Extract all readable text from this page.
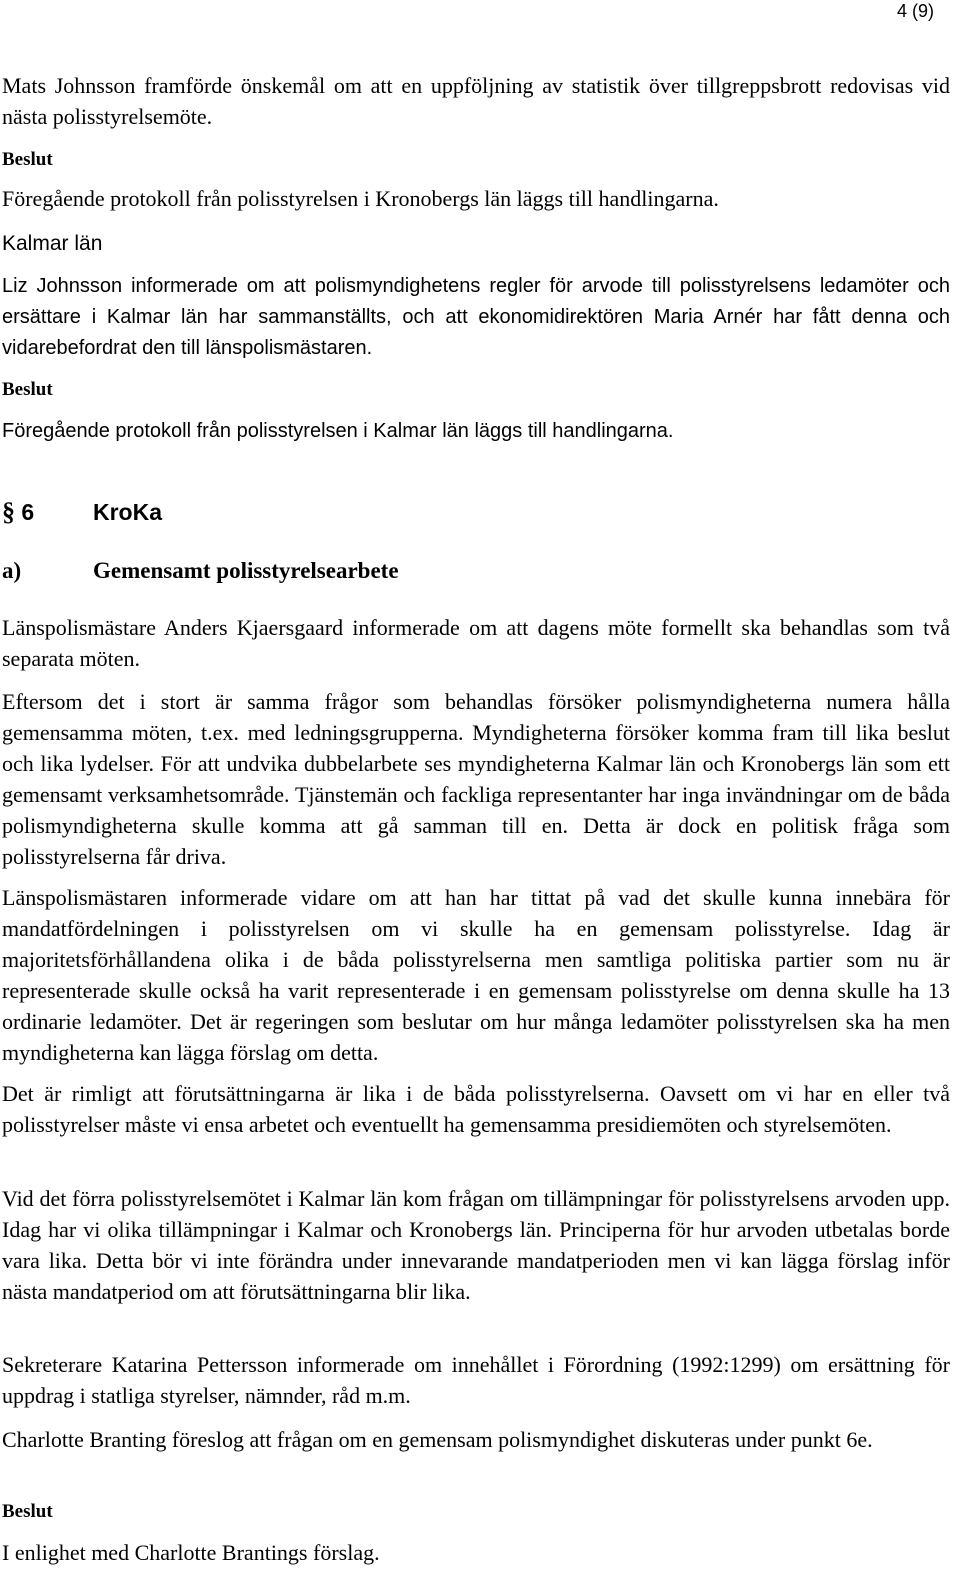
4 (9)
Mats Johnsson framförde önskemål om att en uppföljning av statistik över tillgreppsbrott redovisas vid nästa polisstyrelsemöte.
Beslut
Föregående protokoll från polisstyrelsen i Kronobergs län läggs till handlingarna.
Kalmar län
Liz Johnsson informerade om att polismyndighetens regler för arvode till polisstyrelsens ledamöter och ersättare i Kalmar län har sammanställts, och att ekonomidirektören Maria Arnér har fått denna och vidarebefordrat den till länspolismästaren.
Beslut
Föregående protokoll från polisstyrelsen i Kalmar län läggs till handlingarna.
§ 6	KroKa
a)	Gemensamt polisstyrelsearbete
Länspolismästare Anders Kjaersgaard informerade om att dagens möte formellt ska behandlas som två separata möten.
Eftersom det i stort är samma frågor som behandlas försöker polismyndigheterna numera hålla gemensamma möten, t.ex. med ledningsgrupperna. Myndigheterna försöker komma fram till lika beslut och lika lydelser. För att undvika dubbelarbete ses myndigheterna Kalmar län och Kronobergs län som ett gemensamt verksamhetsområde. Tjänstemän och fackliga representanter har inga invändningar om de båda polismyndigheterna skulle komma att gå samman till en. Detta är dock en politisk fråga som polisstyrelserna får driva.
Länspolismästaren informerade vidare om att han har tittat på vad det skulle kunna innebära för mandatfördelningen i polisstyrelsen om vi skulle ha en gemensam polisstyrelse. Idag är majoritetsförhållandena olika i de båda polisstyrelserna men samtliga politiska partier som nu är representerade skulle också ha varit representerade i en gemensam polisstyrelse om denna skulle ha 13 ordinarie ledamöter. Det är regeringen som beslutar om hur många ledamöter polisstyrelsen ska ha men myndigheterna kan lägga förslag om detta.
Det är rimligt att förutsättningarna är lika i de båda polisstyrelserna. Oavsett om vi har en eller två polisstyrelser måste vi ensa arbetet och eventuellt ha gemensamma presidiemöten och styrelsemöten.
Vid det förra polisstyrelsemötet i Kalmar län kom frågan om tillämpningar för polisstyrelsens arvoden upp. Idag har vi olika tillämpningar i Kalmar och Kronobergs län. Principerna för hur arvoden utbetalas borde vara lika. Detta bör vi inte förändra under innevarande mandatperioden men vi kan lägga förslag inför nästa mandatperiod om att förutsättningarna blir lika.
Sekreterare Katarina Pettersson informerade om innehållet i Förordning (1992:1299) om ersättning för uppdrag i statliga styrelser, nämnder, råd m.m.
Charlotte Branting föreslog att frågan om en gemensam polismyndighet diskuteras under punkt 6e.
Beslut
I enlighet med Charlotte Brantings förslag.
